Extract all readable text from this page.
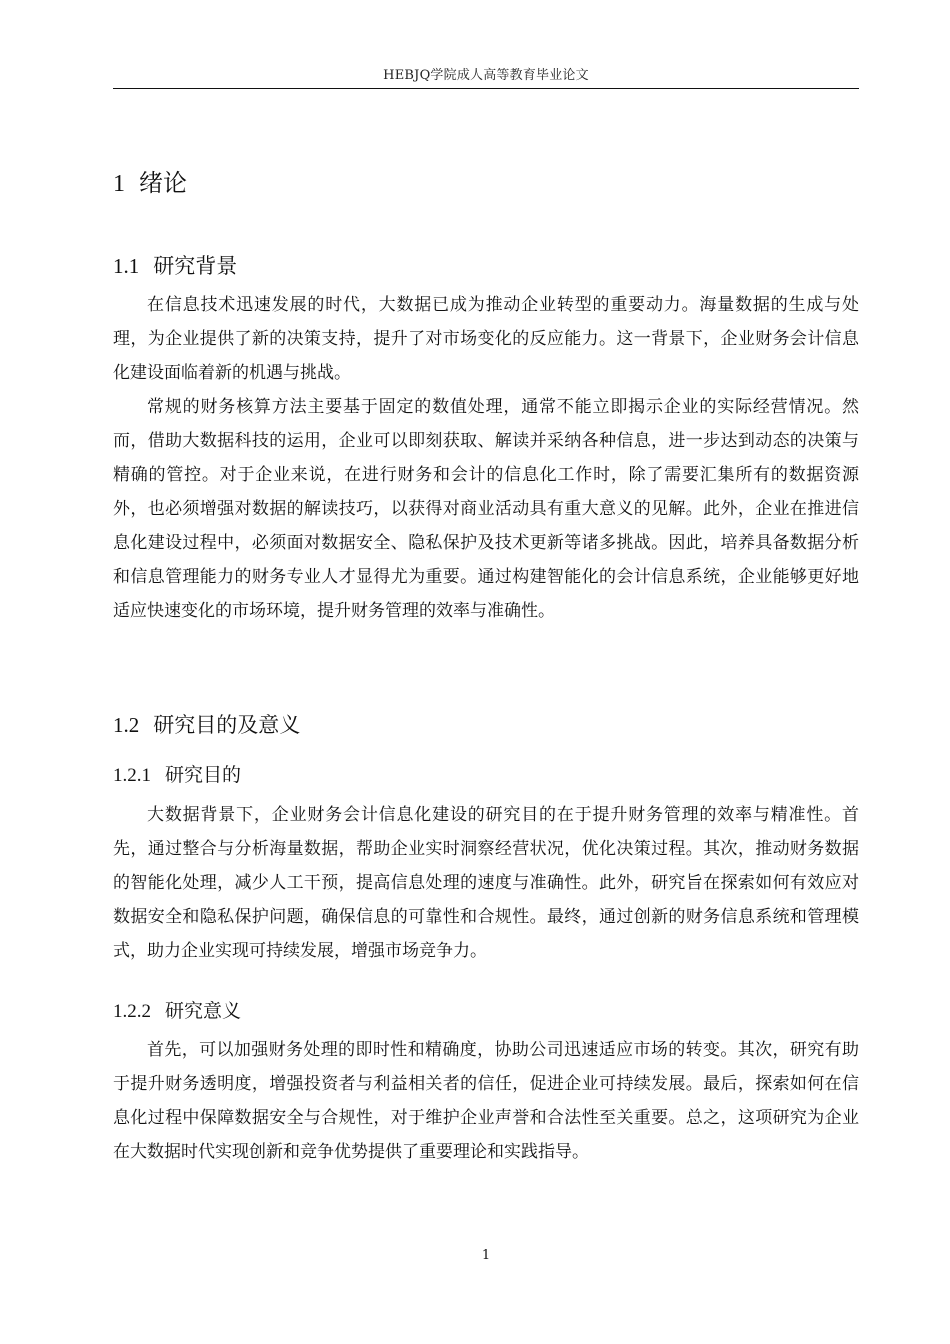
HEBJQ学院成人高等教育毕业论文
1 绪论
1.1 研究背景

在信息技术迅速发展的时代，大数据已成为推动企业转型的重要动力。海量数据的生成与处理，为企业提供了新的决策支持，提升了对市场变化的反应能力。这一背景下，企业财务会计信息化建设面临着新的机遇与挑战。

常规的财务核算方法主要基于固定的数值处理，通常不能立即揭示企业的实际经营情况。然而，借助大数据科技的运用，企业可以即刻获取、解读并采纳各种信息，进一步达到动态的决策与精确的管控。对于企业来说，在进行财务和会计的信息化工作时，除了需要汇集所有的数据资源外，也必须增强对数据的解读技巧，以获得对商业活动具有重大意义的见解。此外，企业在推进信息化建设过程中，必须面对数据安全、隐私保护及技术更新等诸多挑战。因此，培养具备数据分析和信息管理能力的财务专业人才显得尤为重要。通过构建智能化的会计信息系统，企业能够更好地适应快速变化的市场环境，提升财务管理的效率与准确性。

1.2 研究目的及意义
1.2.1 研究目的

大数据背景下，企业财务会计信息化建设的研究目的在于提升财务管理的效率与精准性。首先，通过整合与分析海量数据，帮助企业实时洞察经营状况，优化决策过程。其次，推动财务数据的智能化处理，减少人工干预，提高信息处理的速度与准确性。此外，研究旨在探索如何有效应对数据安全和隐私保护问题，确保信息的可靠性和合规性。最终，通过创新的财务信息系统和管理模式，助力企业实现可持续发展，增强市场竞争力。

1.2.2 研究意义

首先，可以加强财务处理的即时性和精确度，协助公司迅速适应市场的转变。其次，研究有助于提升财务透明度，增强投资者与利益相关者的信任，促进企业可持续发展。最后，探索如何在信息化过程中保障数据安全与合规性，对于维护企业声誉和合法性至关重要。总之，这项研究为企业在大数据时代实现创新和竞争优势提供了重要理论和实践指导。

1
